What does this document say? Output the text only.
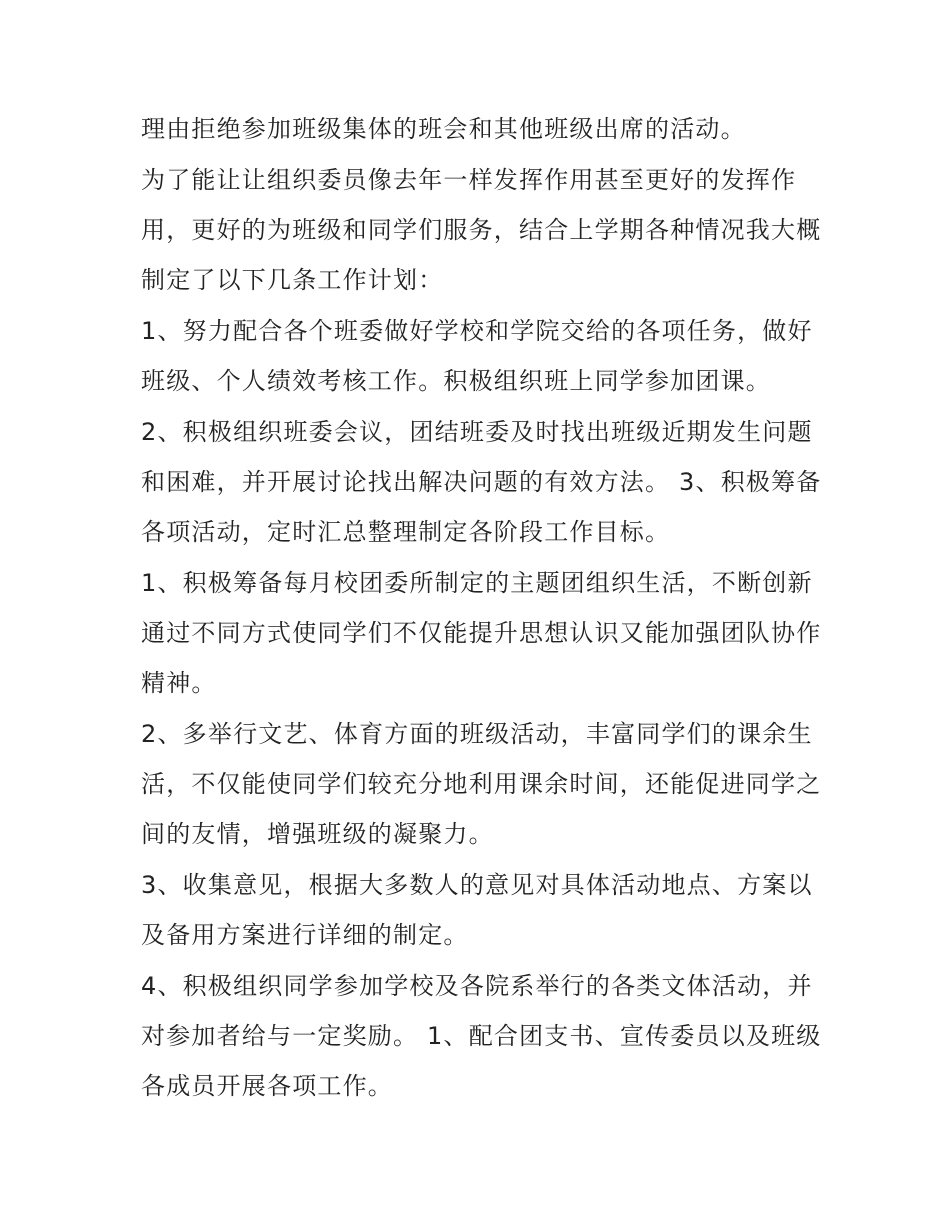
理由拒绝参加班级集体的班会和其他班级出席的活动。
为了能让让组织委员像去年一样发挥作用甚至更好的发挥作
用，更好的为班级和同学们服务，结合上学期各种情况我大概
制定了以下几条工作计划：
1、努力配合各个班委做好学校和学院交给的各项任务，做好
班级、个人绩效考核工作。积极组织班上同学参加团课。
2、积极组织班委会议，团结班委及时找出班级近期发生问题
和困难，并开展讨论找出解决问题的有效方法。 3、积极筹备
各项活动，定时汇总整理制定各阶段工作目标。
1、积极筹备每月校团委所制定的主题团组织生活，不断创新
通过不同方式使同学们不仅能提升思想认识又能加强团队协作
精神。
2、多举行文艺、体育方面的班级活动，丰富同学们的课余生
活，不仅能使同学们较充分地利用课余时间，还能促进同学之
间的友情，增强班级的凝聚力。
3、收集意见，根据大多数人的意见对具体活动地点、方案以
及备用方案进行详细的制定。
4、积极组织同学参加学校及各院系举行的各类文体活动，并
对参加者给与一定奖励。 1、配合团支书、宣传委员以及班级
各成员开展各项工作。
